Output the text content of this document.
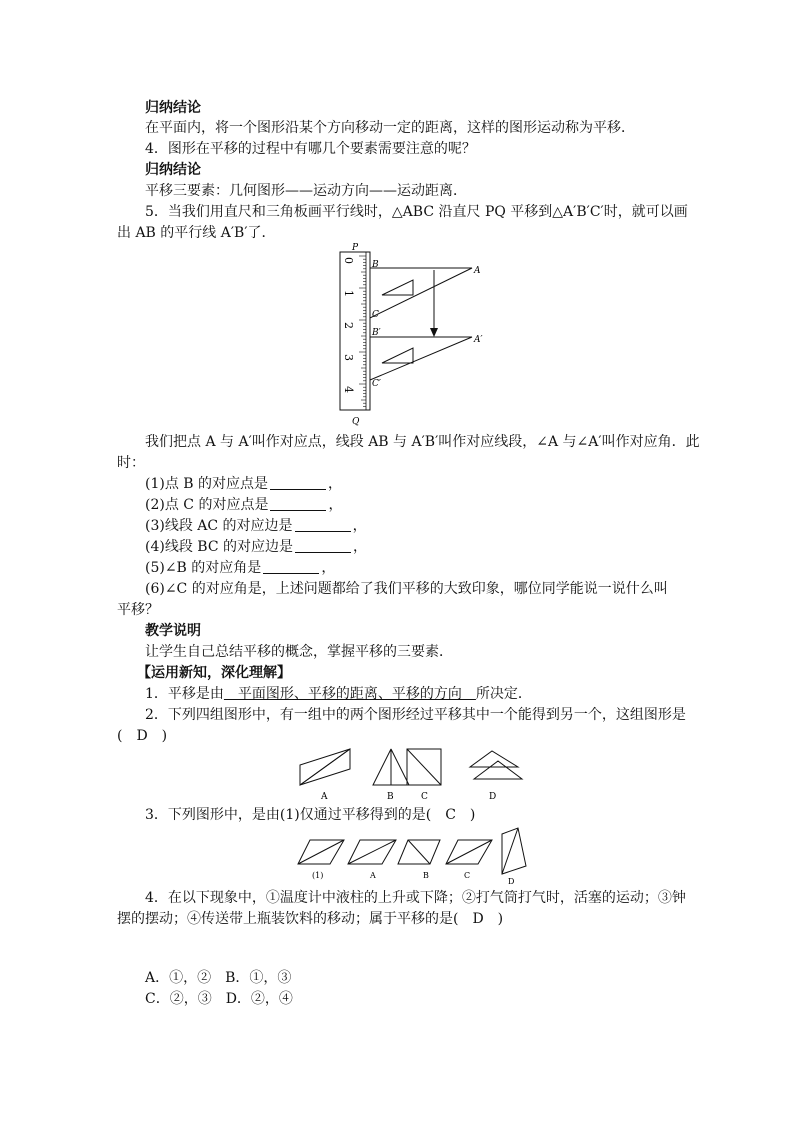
归纳结论
在平面内，将一个图形沿某个方向移动一定的距离，这样的图形运动称为平移．
4．图形在平移的过程中有哪几个要素需要注意的呢？
归纳结论
平移三要素：几何图形——运动方向——运动距离．
5．当我们用直尺和三角板画平行线时，△ABC 沿直尺 PQ 平移到△A′B′C′时，就可以画
出 AB 的平行线 A′B′了．
P
Q
0
1
2
3
4
B
A
C
B′
A′
C′
我们把点 A 与 A′叫作对应点，线段 AB 与 A′B′叫作对应线段，∠A 与∠A′叫作对应角．此
时：
(1)点 B 的对应点是	，
(2)点 C 的对应点是	，
(3)线段 AC 的对应边是	，
(4)线段 BC 的对应边是	，
(5)∠B 的对应角是	，
(6)∠C 的对应角是，上述问题都给了我们平移的大致印象，哪位同学能说一说什么叫
平移？
教学说明
让学生自己总结平移的概念，掌握平移的三要素．
【运用新知，深化理解】
1．平移是由　平面图形、平移的距离、平移的方向　所决定．
2．下列四组图形中，有一组中的两个图形经过平移其中一个能得到另一个，这组图形是
(　D　)
A	B	C	D
3．下列图形中，是由(1)仅通过平移得到的是(　C　)
(1)	A	B	C
D
4．在以下现象中，①温度计中液柱的上升或下降；②打气筒打气时，活塞的运动；③钟
摆的摆动；④传送带上瓶装饮料的移动；属于平移的是(　D　)
A．①，②　B．①，③
C．②，③　D．②，④
